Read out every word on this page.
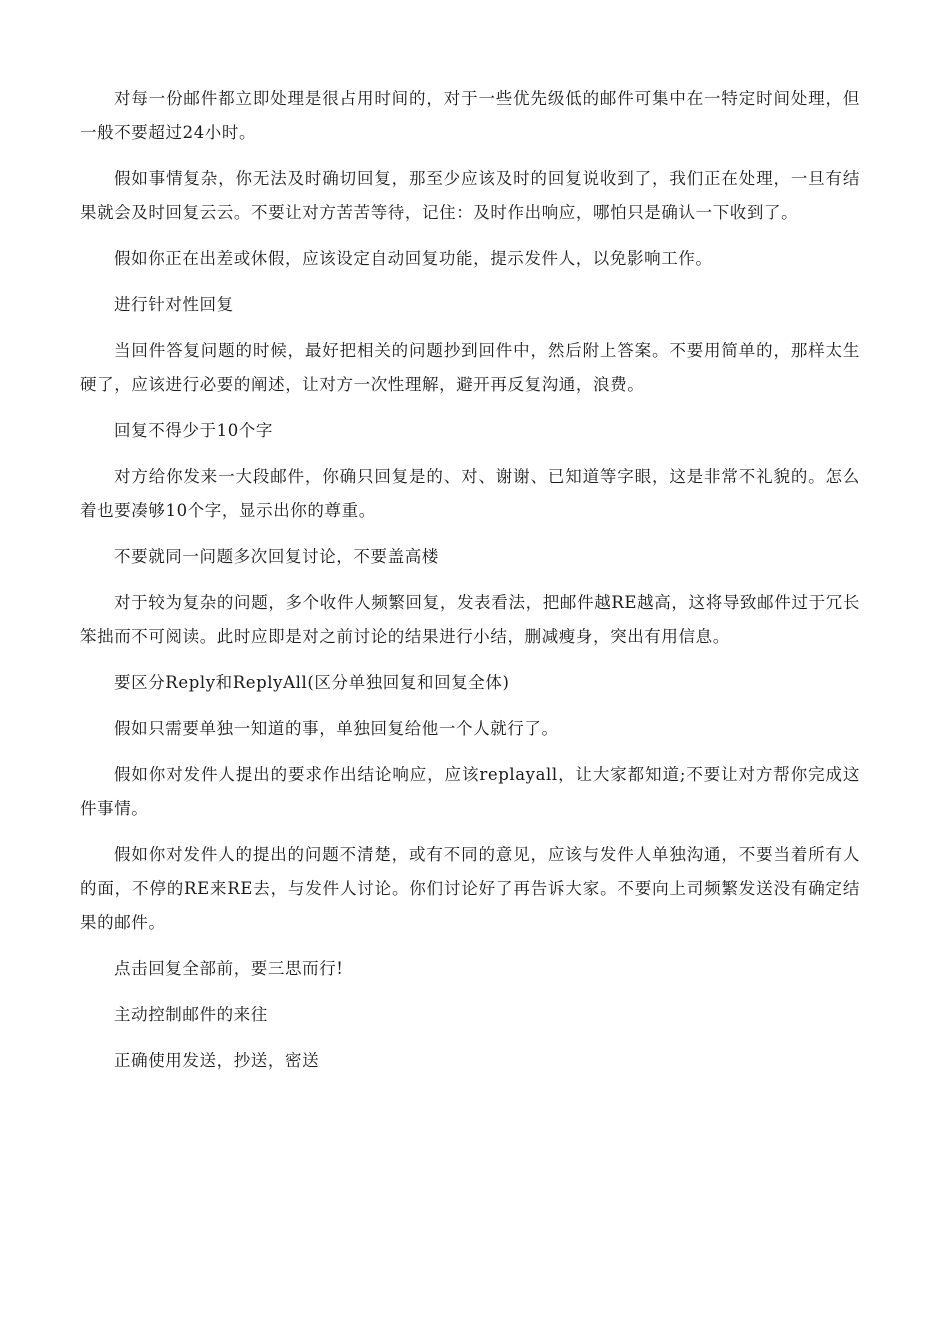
对每一份邮件都立即处理是很占用时间的，对于一些优先级低的邮件可集中在一特定时间处理，但一般不要超过24小时。

假如事情复杂，你无法及时确切回复，那至少应该及时的回复说收到了，我们正在处理，一旦有结果就会及时回复云云。不要让对方苦苦等待，记住：及时作出响应，哪怕只是确认一下收到了。

假如你正在出差或休假，应该设定自动回复功能，提示发件人，以免影响工作。

进行针对性回复

当回件答复问题的时候，最好把相关的问题抄到回件中，然后附上答案。不要用简单的，那样太生硬了，应该进行必要的阐述，让对方一次性理解，避开再反复沟通，浪费。

回复不得少于10个字

对方给你发来一大段邮件，你确只回复是的、对、谢谢、已知道等字眼，这是非常不礼貌的。怎么着也要凑够10个字，显示出你的尊重。

不要就同一问题多次回复讨论，不要盖高楼

对于较为复杂的问题，多个收件人频繁回复，发表看法，把邮件越RE越高，这将导致邮件过于冗长笨拙而不可阅读。此时应即是对之前讨论的结果进行小结，删减瘦身，突出有用信息。

要区分Reply和ReplyAll(区分单独回复和回复全体)

假如只需要单独一知道的事，单独回复给他一个人就行了。

假如你对发件人提出的要求作出结论响应，应该replayall，让大家都知道;不要让对方帮你完成这件事情。

假如你对发件人的提出的问题不清楚，或有不同的意见，应该与发件人单独沟通，不要当着所有人的面，不停的RE来RE去，与发件人讨论。你们讨论好了再告诉大家。不要向上司频繁发送没有确定结果的邮件。

点击回复全部前，要三思而行!

主动控制邮件的来往

正确使用发送，抄送，密送
